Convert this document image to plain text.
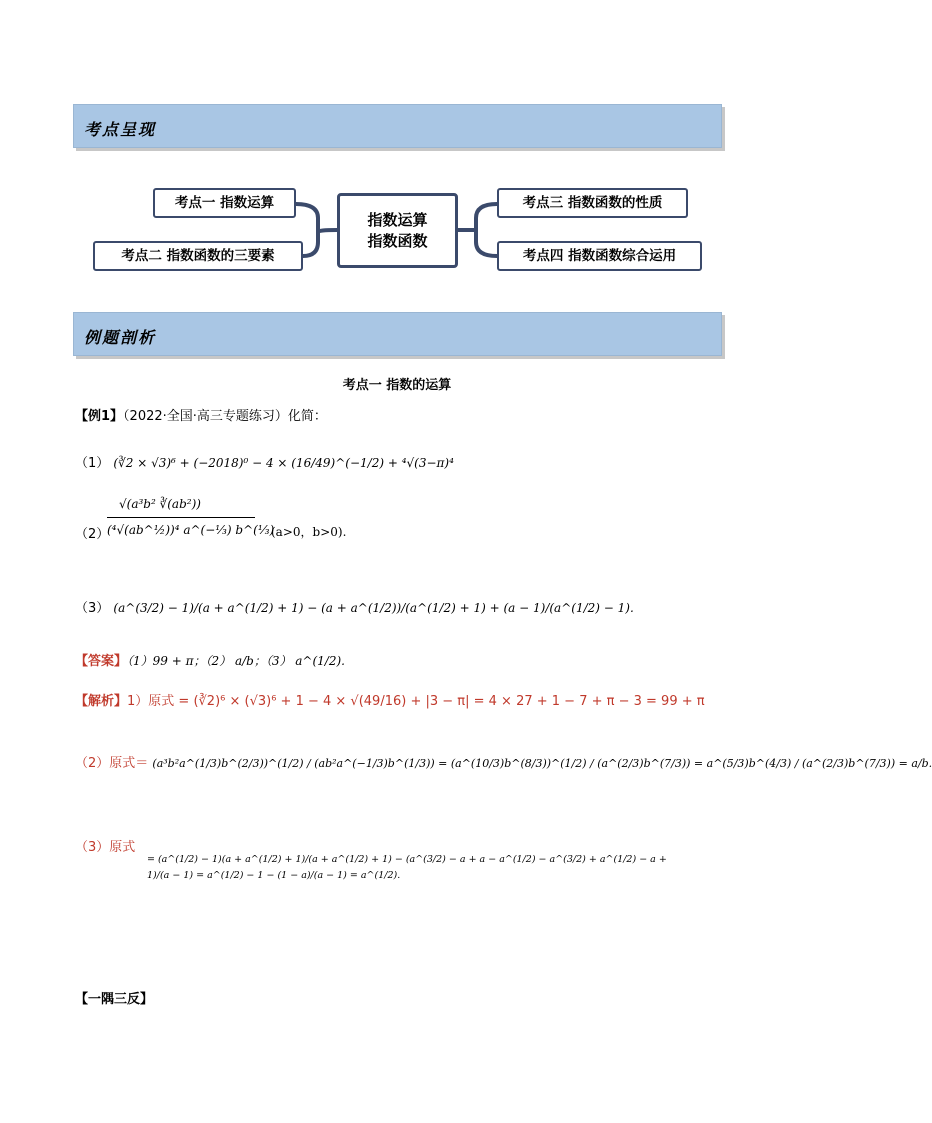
考点呈现
考点一 指数运算
考点二 指数函数的三要素
指数运算
指数函数
考点三 指数函数的性质
考点四 指数函数综合运用
例题剖析
考点一 指数的运算
【例1】（2022·全国·高三专题练习）化简：
（1） (∛2 × √3)⁶ + (−2018)⁰ − 4 × (16/49)^(−1/2) + ⁴√(3−π)⁴
（2）
√(a³b² ∛(ab²))
(⁴√(ab^½))⁴ a^(−⅓) b^(⅓)
(a>0，b>0).
（3） (a^(3/2) − 1)/(a + a^(1/2) + 1) − (a + a^(1/2))/(a^(1/2) + 1) + (a − 1)/(a^(1/2) − 1).
【答案】（1）99 + π；（2） a/b；（3） a^(1/2).
【解析】1）原式 = (∛2)⁶ × (√3)⁶ + 1 − 4 × √(49/16) + |3 − π| = 4 × 27 + 1 − 7 + π − 3 = 99 + π
（2）原式＝ (a³b²a^(1/3)b^(2/3))^(1/2) / (ab²a^(−1/3)b^(1/3)) = (a^(10/3)b^(8/3))^(1/2) / (a^(2/3)b^(7/3)) = a^(5/3)b^(4/3) / (a^(2/3)b^(7/3)) = a/b.
（3）原式
= (a^(1/2) − 1)(a + a^(1/2) + 1)/(a + a^(1/2) + 1) − (a^(3/2) − a + a − a^(1/2) − a^(3/2) + a^(1/2) − a + 1)/(a − 1) = a^(1/2) − 1 − (1 − a)/(a − 1) = a^(1/2).
【一隅三反】
